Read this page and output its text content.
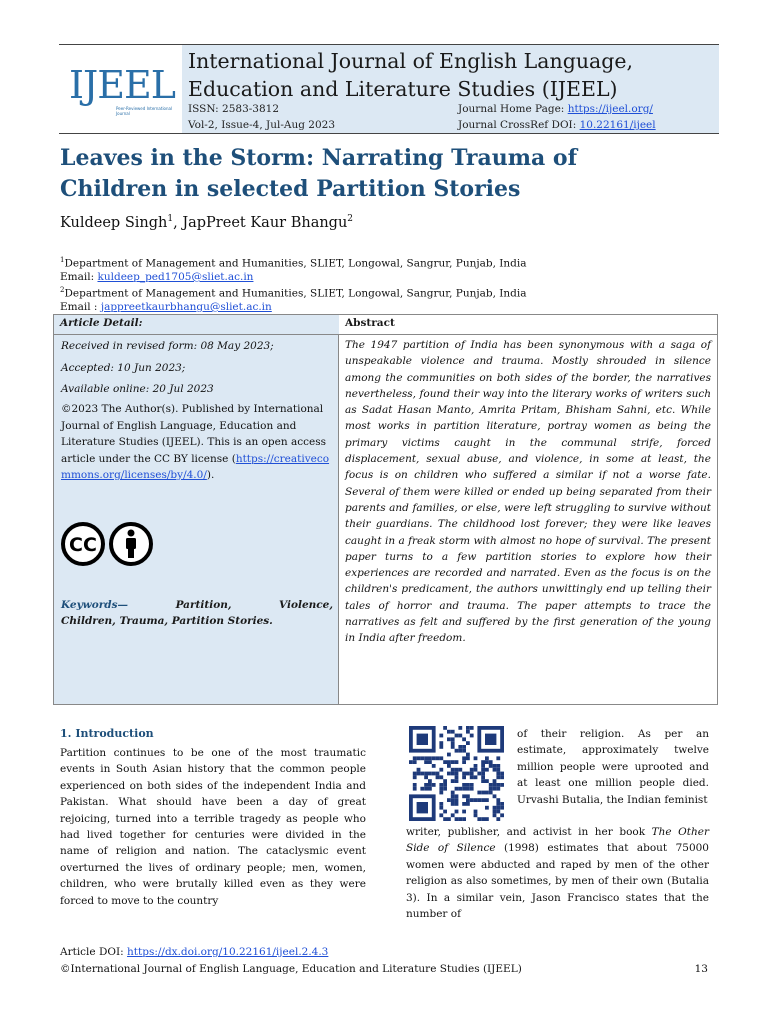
IJEEL
Peer-Reviewed International Journal
International Journal of English Language,
Education and Literature Studies (IJEEL)
ISSN: 2583-3812
Vol-2, Issue-4, Jul-Aug 2023
Journal Home Page: https://ijeel.org/
Journal CrossRef DOI: 10.22161/ijeel
Leaves in the Storm: Narrating Trauma of
Children in selected Partition Stories
Kuldeep Singh$^1$, JapPreet Kaur Bhangu$^2$
$^1$Department of Management and Humanities, SLIET, Longowal, Sangrur, Punjab, India
Email: kuldeep_ped1705@sliet.ac.in
$^2$Department of Management and Humanities, SLIET, Longowal, Sangrur, Punjab, India
Email : jappreetkaurbhangu@sliet.ac.in
Article Detail:
Received in revised form: 08 May 2023;
Accepted: 10 Jun 2023;
Available online: 20 Jul 2023
©2023 The Author(s). Published by International Journal of English Language, Education and Literature Studies (IJEEL). This is an open access article under the CC BY license (https://creativecommons.org/licenses/by/4.0/).
CC
Keywords—	Partition, Violence,
Children, Trauma, Partition Stories.
Abstract
The 1947 partition of India has been synonymous with a saga of unspeakable violence and trauma. Mostly shrouded in silence among the communities on both sides of the border, the narratives nevertheless, found their way into the literary works of writers such as Sadat Hasan Manto, Amrita Pritam, Bhisham Sahni, etc. While most works in partition literature, portray women as being the primary victims caught in the communal strife, forced displacement, sexual abuse, and violence, in some at least, the focus is on children who suffered a similar if not a worse fate. Several of them were killed or ended up being separated from their parents and families, or else, were left struggling to survive without their guardians. The childhood lost forever; they were like leaves caught in a freak storm with almost no hope of survival. The present paper turns to a few partition stories to explore how their experiences are recorded and narrated. Even as the focus is on the children's predicament, the authors unwittingly end up telling their tales of horror and trauma. The paper attempts to trace the narratives as felt and suffered by the first generation of the young in India after freedom.
1. Introduction
Partition continues to be one of the most traumatic events in South Asian history that the common people experienced on both sides of the independent India and Pakistan. What should have been a day of great rejoicing, turned into a terrible tragedy as people who had lived together for centuries were divided in the name of religion and nation. The cataclysmic event overturned the lives of ordinary people; men, women, children, who were brutally killed even as they were forced to move to the country
of their religion. As per an estimate, approximately twelve million people were uprooted and at least one million people died. Urvashi Butalia, the Indian feminist
writer, publisher, and activist in her book The Other Side of Silence (1998) estimates that about 75000 women were abducted and raped by men of the other religion as also sometimes, by men of their own (Butalia 3). In a similar vein, Jason Francisco states that the number of
Article DOI: https://dx.doi.org/10.22161/ijeel.2.4.3
©International Journal of English Language, Education and Literature Studies (IJEEL)	13
